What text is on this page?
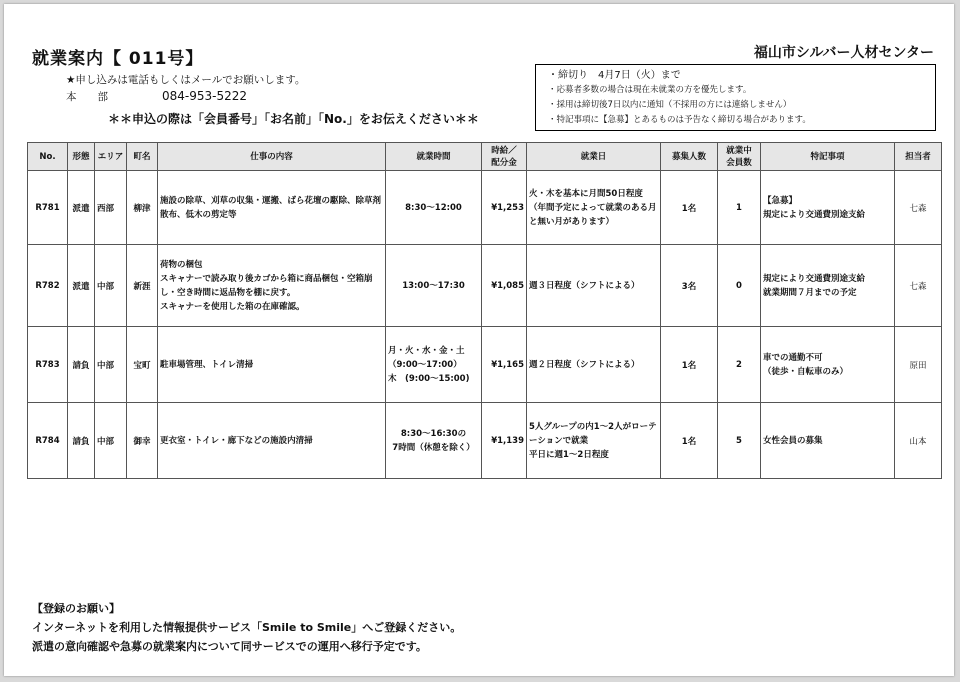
就業案内【 011号】	福山市シルバー人材センター
★申し込みは電話もしくはメールでお願いします。
本　　部	084-953-5222
＊＊申込の際は「会員番号」「お名前」「No.」をお伝えください＊＊
・締切り　4月7日（火）まで
・応募者多数の場合は現在未就業の方を優先します。
・採用は締切後7日以内に通知（不採用の方には連絡しません）
・特記事項に【急募】とあるものは予告なく締切る場合があります。
No.	形態	エリア	町名	仕事の内容	就業時間	時給／
配分金	就業日	募集人数	就業中
会員数	特記事項	担当者
R781	派遣	西部	柳津	施設の除草、刈草の収集・運搬、ばら花壇の駆除、除草剤散布、低木の剪定等	8:30～12:00	¥1,253	火・木を基本に月間50日程度
（年間予定によって就業のある月と無い月があります）	1名	1	【急募】
規定により交通費別途支給	七森
R782	派遣	中部	新涯	荷物の梱包
スキャナーで読み取り後カゴから箱に商品梱包・空箱崩し・空き時間に返品物を棚に戻す。
スキャナーを使用した箱の在庫確認。	13:00～17:30	¥1,085	週３日程度（シフトによる）	3名	0	規定により交通費別途支給
就業期間７月までの予定	七森
R783	請負	中部	宝町	駐車場管理、トイレ清掃	月・火・水・金・土
（9:00～17:00）
木　(9:00～15:00)	¥1,165	週２日程度（シフトによる）	1名	2	車での通勤不可
（徒歩・自転車のみ）	原田
R784	請負	中部	御幸	更衣室・トイレ・廊下などの施設内清掃	8:30～16:30の
7時間（休憩を除く）	¥1,139	5人グループの内1～2人がローテーションで就業
平日に週1～2日程度	1名	5	女性会員の募集	山本
【登録のお願い】
インターネットを利用した情報提供サービス「Smile to Smile」へご登録ください。
派遣の意向確認や急募の就業案内について同サービスでの運用へ移行予定です。
